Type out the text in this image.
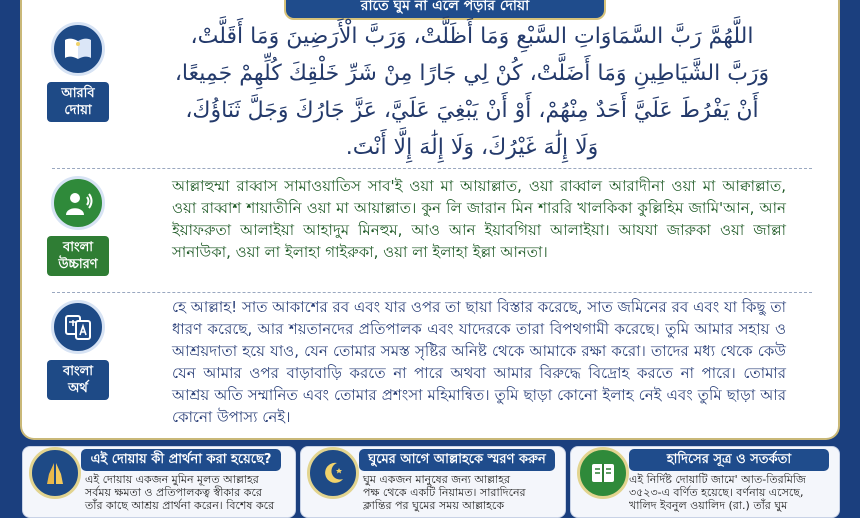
রাতে ঘুম না এলে পড়ার দোয়া
আরবি
দোয়া
اللَّهُمَّ رَبَّ السَّمَاوَاتِ السَّبْعِ وَمَا أَظَلَّتْ، وَرَبَّ الْأَرَضِينَ وَمَا أَقَلَّتْ،
وَرَبَّ الشَّيَاطِينِ وَمَا أَضَلَّتْ، كُنْ لِي جَارًا مِنْ شَرِّ خَلْقِكَ كُلِّهِمْ جَمِيعًا،
أَنْ يَفْرُطَ عَلَيَّ أَحَدٌ مِنْهُمْ، أَوْ أَنْ يَبْغِيَ عَلَيَّ، عَزَّ جَارُكَ وَجَلَّ ثَنَاؤُكَ،
وَلَا إِلَٰهَ غَيْرُكَ، وَلَا إِلَٰهَ إِلَّا أَنْتَ.
বাংলা
উচ্চারণ
আল্লাহুম্মা রাব্বাস সামাওয়াতিস সাব'ই ওয়া মা আয়াল্লাত, ওয়া রাব্বাল আরাদীনা ওয়া মা আক্বাল্লাত, ওয়া রাব্বাশ শায়াতীনি ওয়া মা আয়াল্লাত। কুন লি জারান মিন শাররি খালকিকা কুল্লিহিম জামি'আন, আন ইয়াফরুতা আলাইয়া আহাদুম মিনহুম, আও আন ইয়াবগিয়া আলাইয়া। আযযা জারুকা ওয়া জাল্লা সানাউকা, ওয়া লা ইলাহা গাইরুকা, ওয়া লা ইলাহা ইল্লা আনতা।
বাংলা
অর্থ
হে আল্লাহ! সাত আকাশের রব এবং যার ওপর তা ছায়া বিস্তার করেছে, সাত জমিনের রব এবং যা কিছু তা ধারণ করেছে, আর শয়তানদের প্রতিপালক এবং যাদেরকে তারা বিপথগামী করেছে। তুমি আমার সহায় ও আশ্রয়দাতা হয়ে যাও, যেন তোমার সমস্ত সৃষ্টির অনিষ্ট থেকে আমাকে রক্ষা করো। তাদের মধ্য থেকে কেউ যেন আমার ওপর বাড়াবাড়ি করতে না পারে অথবা আমার বিরুদ্ধে বিদ্রোহ করতে না পারে। তোমার আশ্রয় অতি সম্মানিত এবং তোমার প্রশংসা মহিমান্বিত। তুমি ছাড়া কোনো ইলাহ নেই এবং তুমি ছাড়া আর কোনো উপাস্য নেই।
এই দোয়ায় কী প্রার্থনা করা হয়েছে?
এই দোয়ায় একজন মুমিন মূলত আল্লাহর
সর্বময় ক্ষমতা ও প্রতিপালকত্ব স্বীকার করে
তাঁর কাছে আশ্রয় প্রার্থনা করেন। বিশেষ করে
ঘুমের আগে আল্লাহকে স্মরণ করুন
ঘুম একজন মানুষের জন্য আল্লাহর
পক্ষ থেকে একটি নিয়ামত। সারাদিনের
ক্লান্তির পর ঘুমের সময় আল্লাহকে
হাদিসের সূত্র ও সতর্কতা
এই নির্দিষ্ট দোয়াটি জামে' আত-তিরমিজি
৩৫২৩-এ বর্ণিত হয়েছে। বর্ণনায় এসেছে,
খালিদ ইবনুল ওয়ালিদ (রা.) তাঁর ঘুম
